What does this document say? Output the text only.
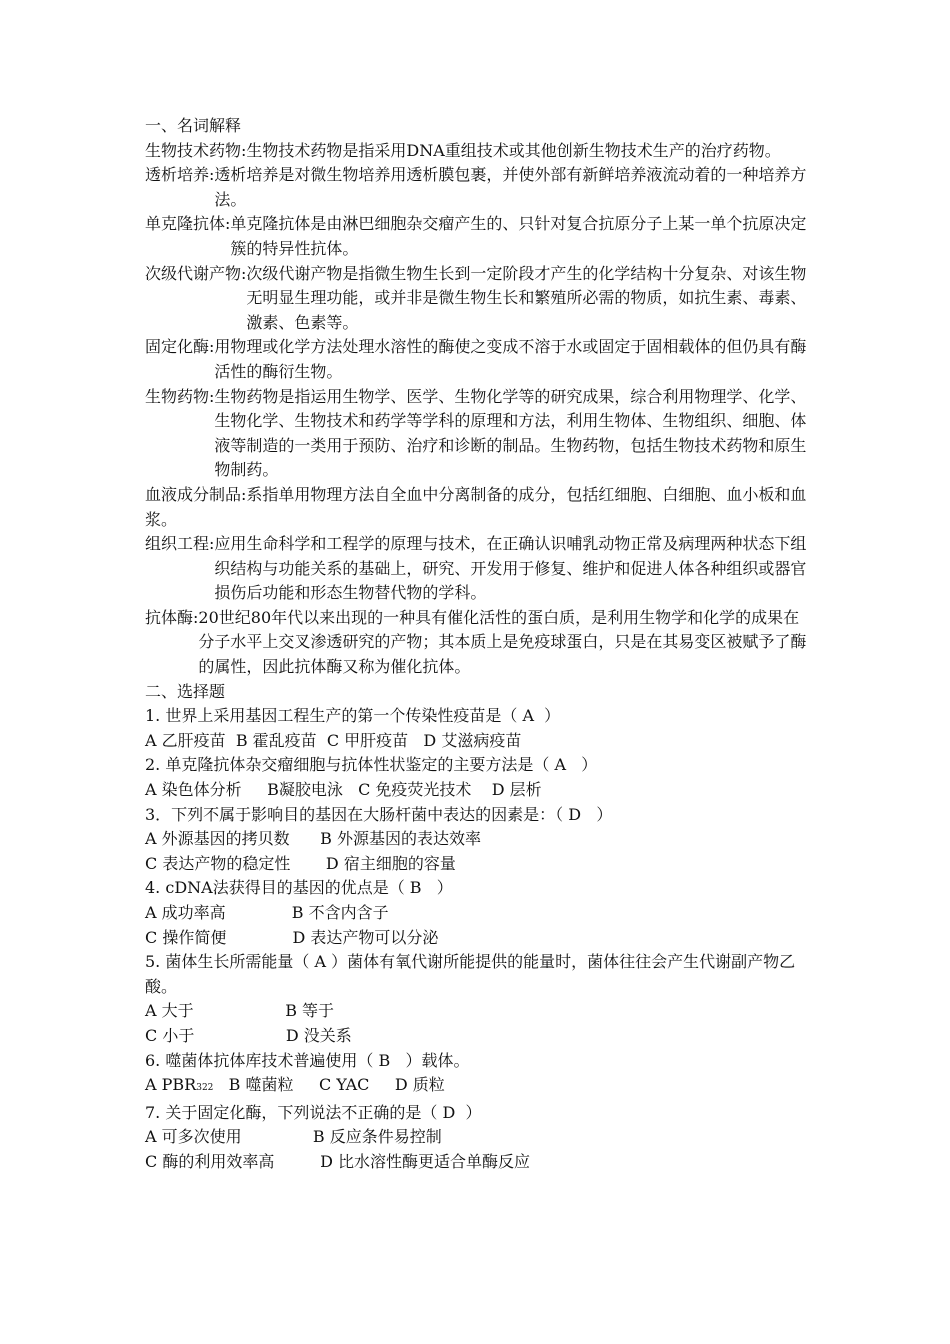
一、名词解释
生物技术药物: 生物技术药物是指采用DNA重组技术或其他创新生物技术生产的治疗药物。
透析培养: 透析培养是对微生物培养用透析膜包裹，并使外部有新鲜培养液流动着的一种培养方法。
单克隆抗体: 单克隆抗体是由淋巴细胞杂交瘤产生的、只针对复合抗原分子上某一单个抗原决定簇的特异性抗体。
次级代谢产物: 次级代谢产物是指微生物生长到一定阶段才产生的化学结构十分复杂、对该生物无明显生理功能，或并非是微生物生长和繁殖所必需的物质，如抗生素、毒素、激素、色素等。
固定化酶: 用物理或化学方法处理水溶性的酶使之变成不溶于水或固定于固相载体的但仍具有酶活性的酶衍生物。
生物药物: 生物药物是指运用生物学、医学、生物化学等的研究成果，综合利用物理学、化学、生物化学、生物技术和药学等学科的原理和方法，利用生物体、生物组织、细胞、体液等制造的一类用于预防、治疗和诊断的制品。生物药物，包括生物技术药物和原生物制药。
血液成分制品:系指单用物理方法自全血中分离制备的成分，包括红细胞、白细胞、血小板和血浆。
组织工程: 应用生命科学和工程学的原理与技术，在正确认识哺乳动物正常及病理两种状态下组织结构与功能关系的基础上，研究、开发用于修复、维护和促进人体各种组织或器官损伤后功能和形态生物替代物的学科。
抗体酶: 20世纪80年代以来出现的一种具有催化活性的蛋白质，是利用生物学和化学的成果在分子水平上交叉渗透研究的产物；其本质上是免疫球蛋白，只是在其易变区被赋予了酶的属性，因此抗体酶又称为催化抗体。
二、选择题
1. 世界上采用基因工程生产的第一个传染性疫苗是（ A  ）
A 乙肝疫苗  B 霍乱疫苗  C 甲肝疫苗   D 艾滋病疫苗
2. 单克隆抗体杂交瘤细胞与抗体性状鉴定的主要方法是（ A   ）
A 染色体分析     B凝胶电泳   C 免疫荧光技术    D 层析
3．下列不属于影响目的基因在大肠杆菌中表达的因素是：（ D   ）
A 外源基因的拷贝数      B 外源基因的表达效率
C 表达产物的稳定性       D 宿主细胞的容量
4. cDNA法获得目的基因的优点是（ B   ）
A 成功率高             B 不含内含子
C 操作简便             D 表达产物可以分泌
5. 菌体生长所需能量（ A ）菌体有氧代谢所能提供的能量时，菌体往往会产生代谢副产物乙酸。
A 大于                  B 等于
C 小于                  D 没关系
6. 噬菌体抗体库技术普遍使用（ B   ）载体。
A PBR322   B 噬菌粒     C YAC     D 质粒
7. 关于固定化酶，下列说法不正确的是（ D  ）
A 可多次使用              B 反应条件易控制
C 酶的利用效率高         D 比水溶性酶更适合单酶反应
